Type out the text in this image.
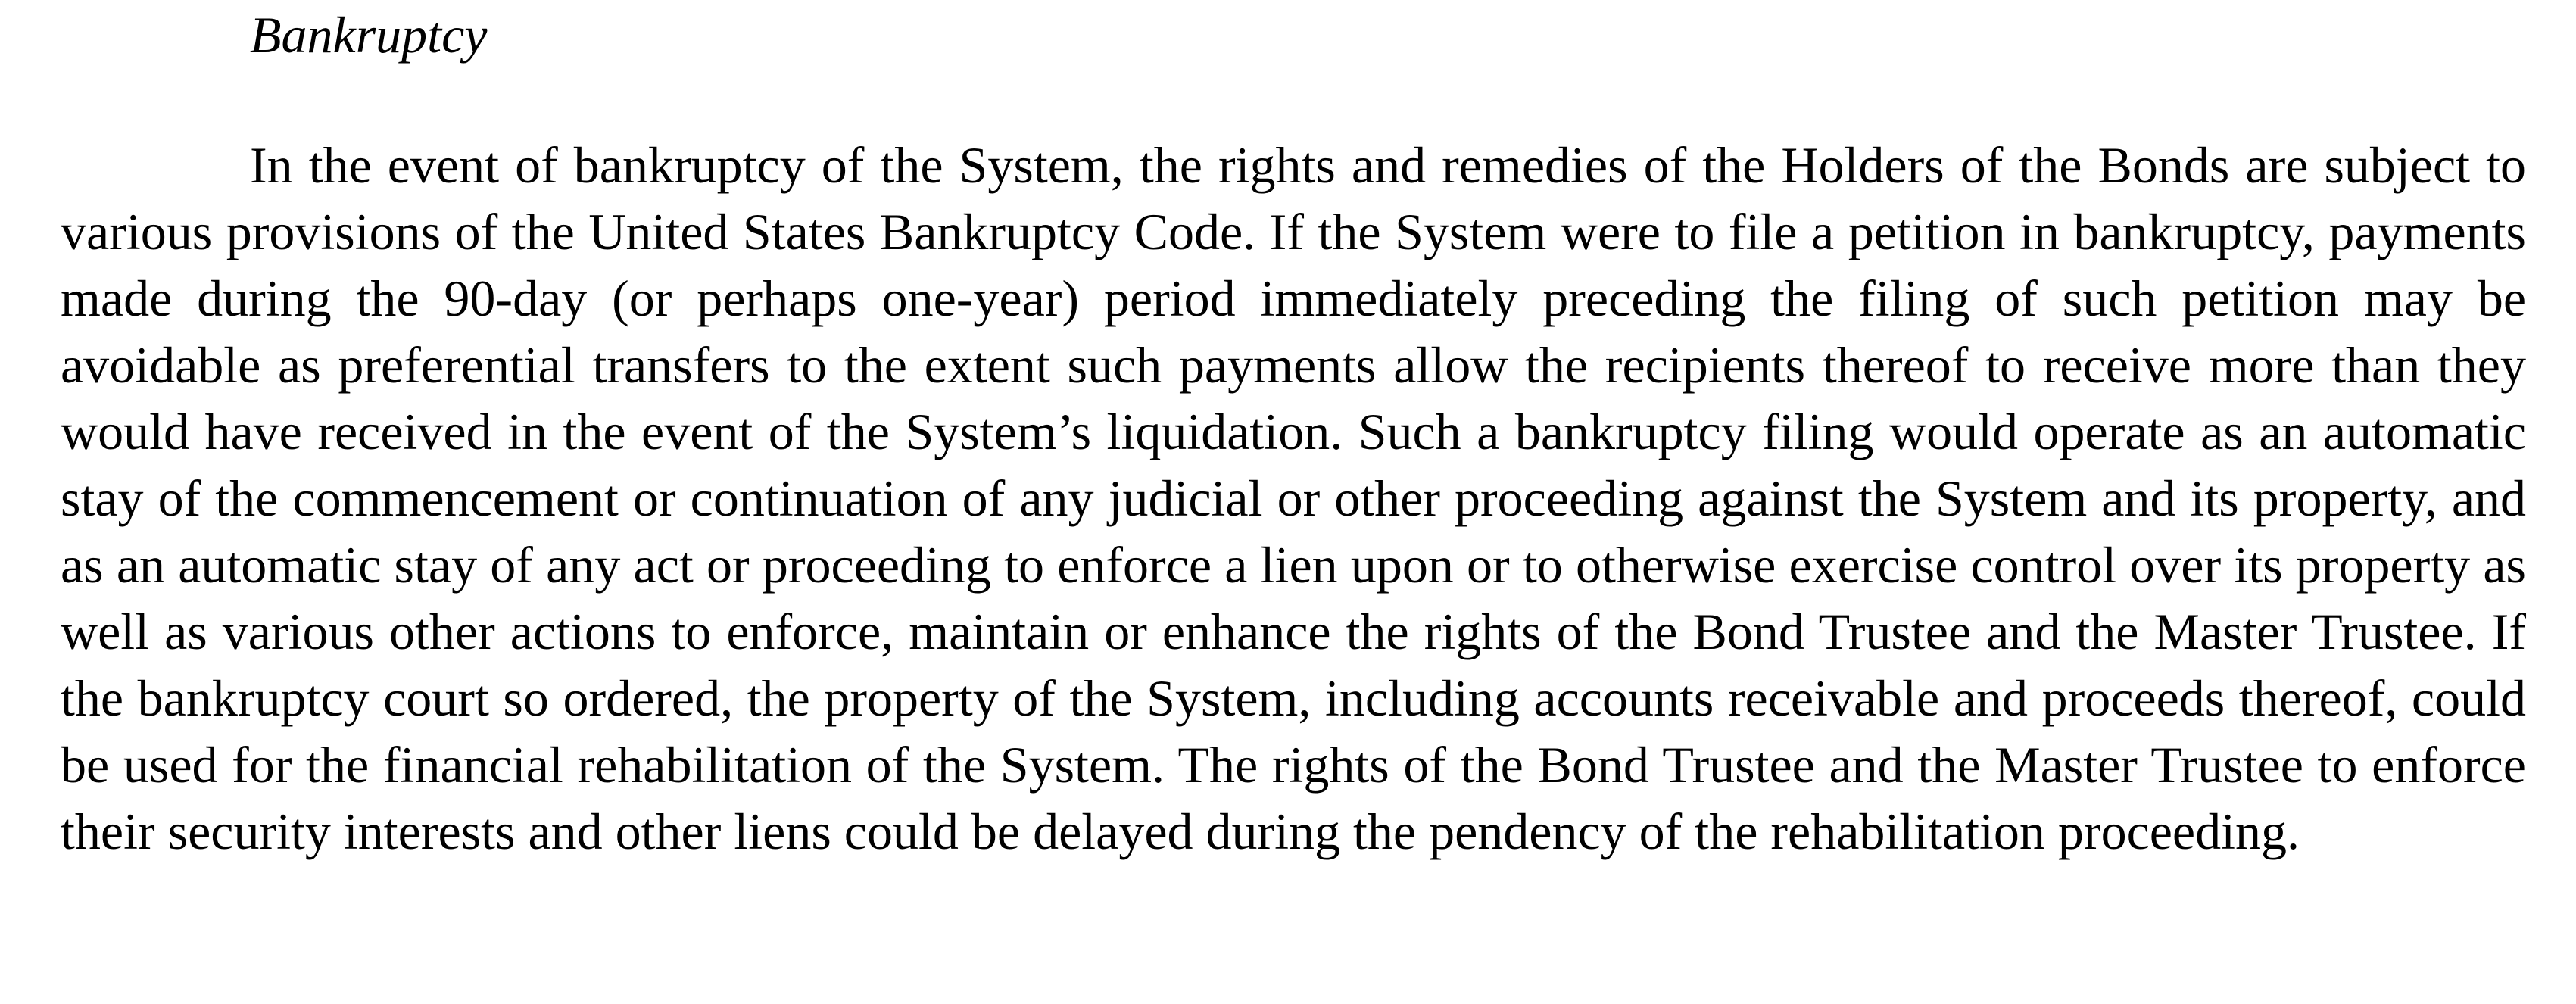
Bankruptcy

In the event of bankruptcy of the System, the rights and remedies of the Holders of the Bonds are subject to various provisions of the United States Bankruptcy Code. If the System were to file a petition in bankruptcy, payments made during the 90-day (or perhaps one-year) period immediately preceding the filing of such petition may be avoidable as preferential transfers to the extent such payments allow the recipients thereof to receive more than they would have received in the event of the System’s liquidation. Such a bankruptcy filing would operate as an automatic stay of the commencement or continuation of any judicial or other proceeding against the System and its property, and as an automatic stay of any act or proceeding to enforce a lien upon or to otherwise exercise control over its property as well as various other actions to enforce, maintain or enhance the rights of the Bond Trustee and the Master Trustee. If the bankruptcy court so ordered, the property of the System, including accounts receivable and proceeds thereof, could be used for the financial rehabilitation of the System. The rights of the Bond Trustee and the Master Trustee to enforce their security interests and other liens could be delayed during the pendency of the rehabilitation proceeding.
